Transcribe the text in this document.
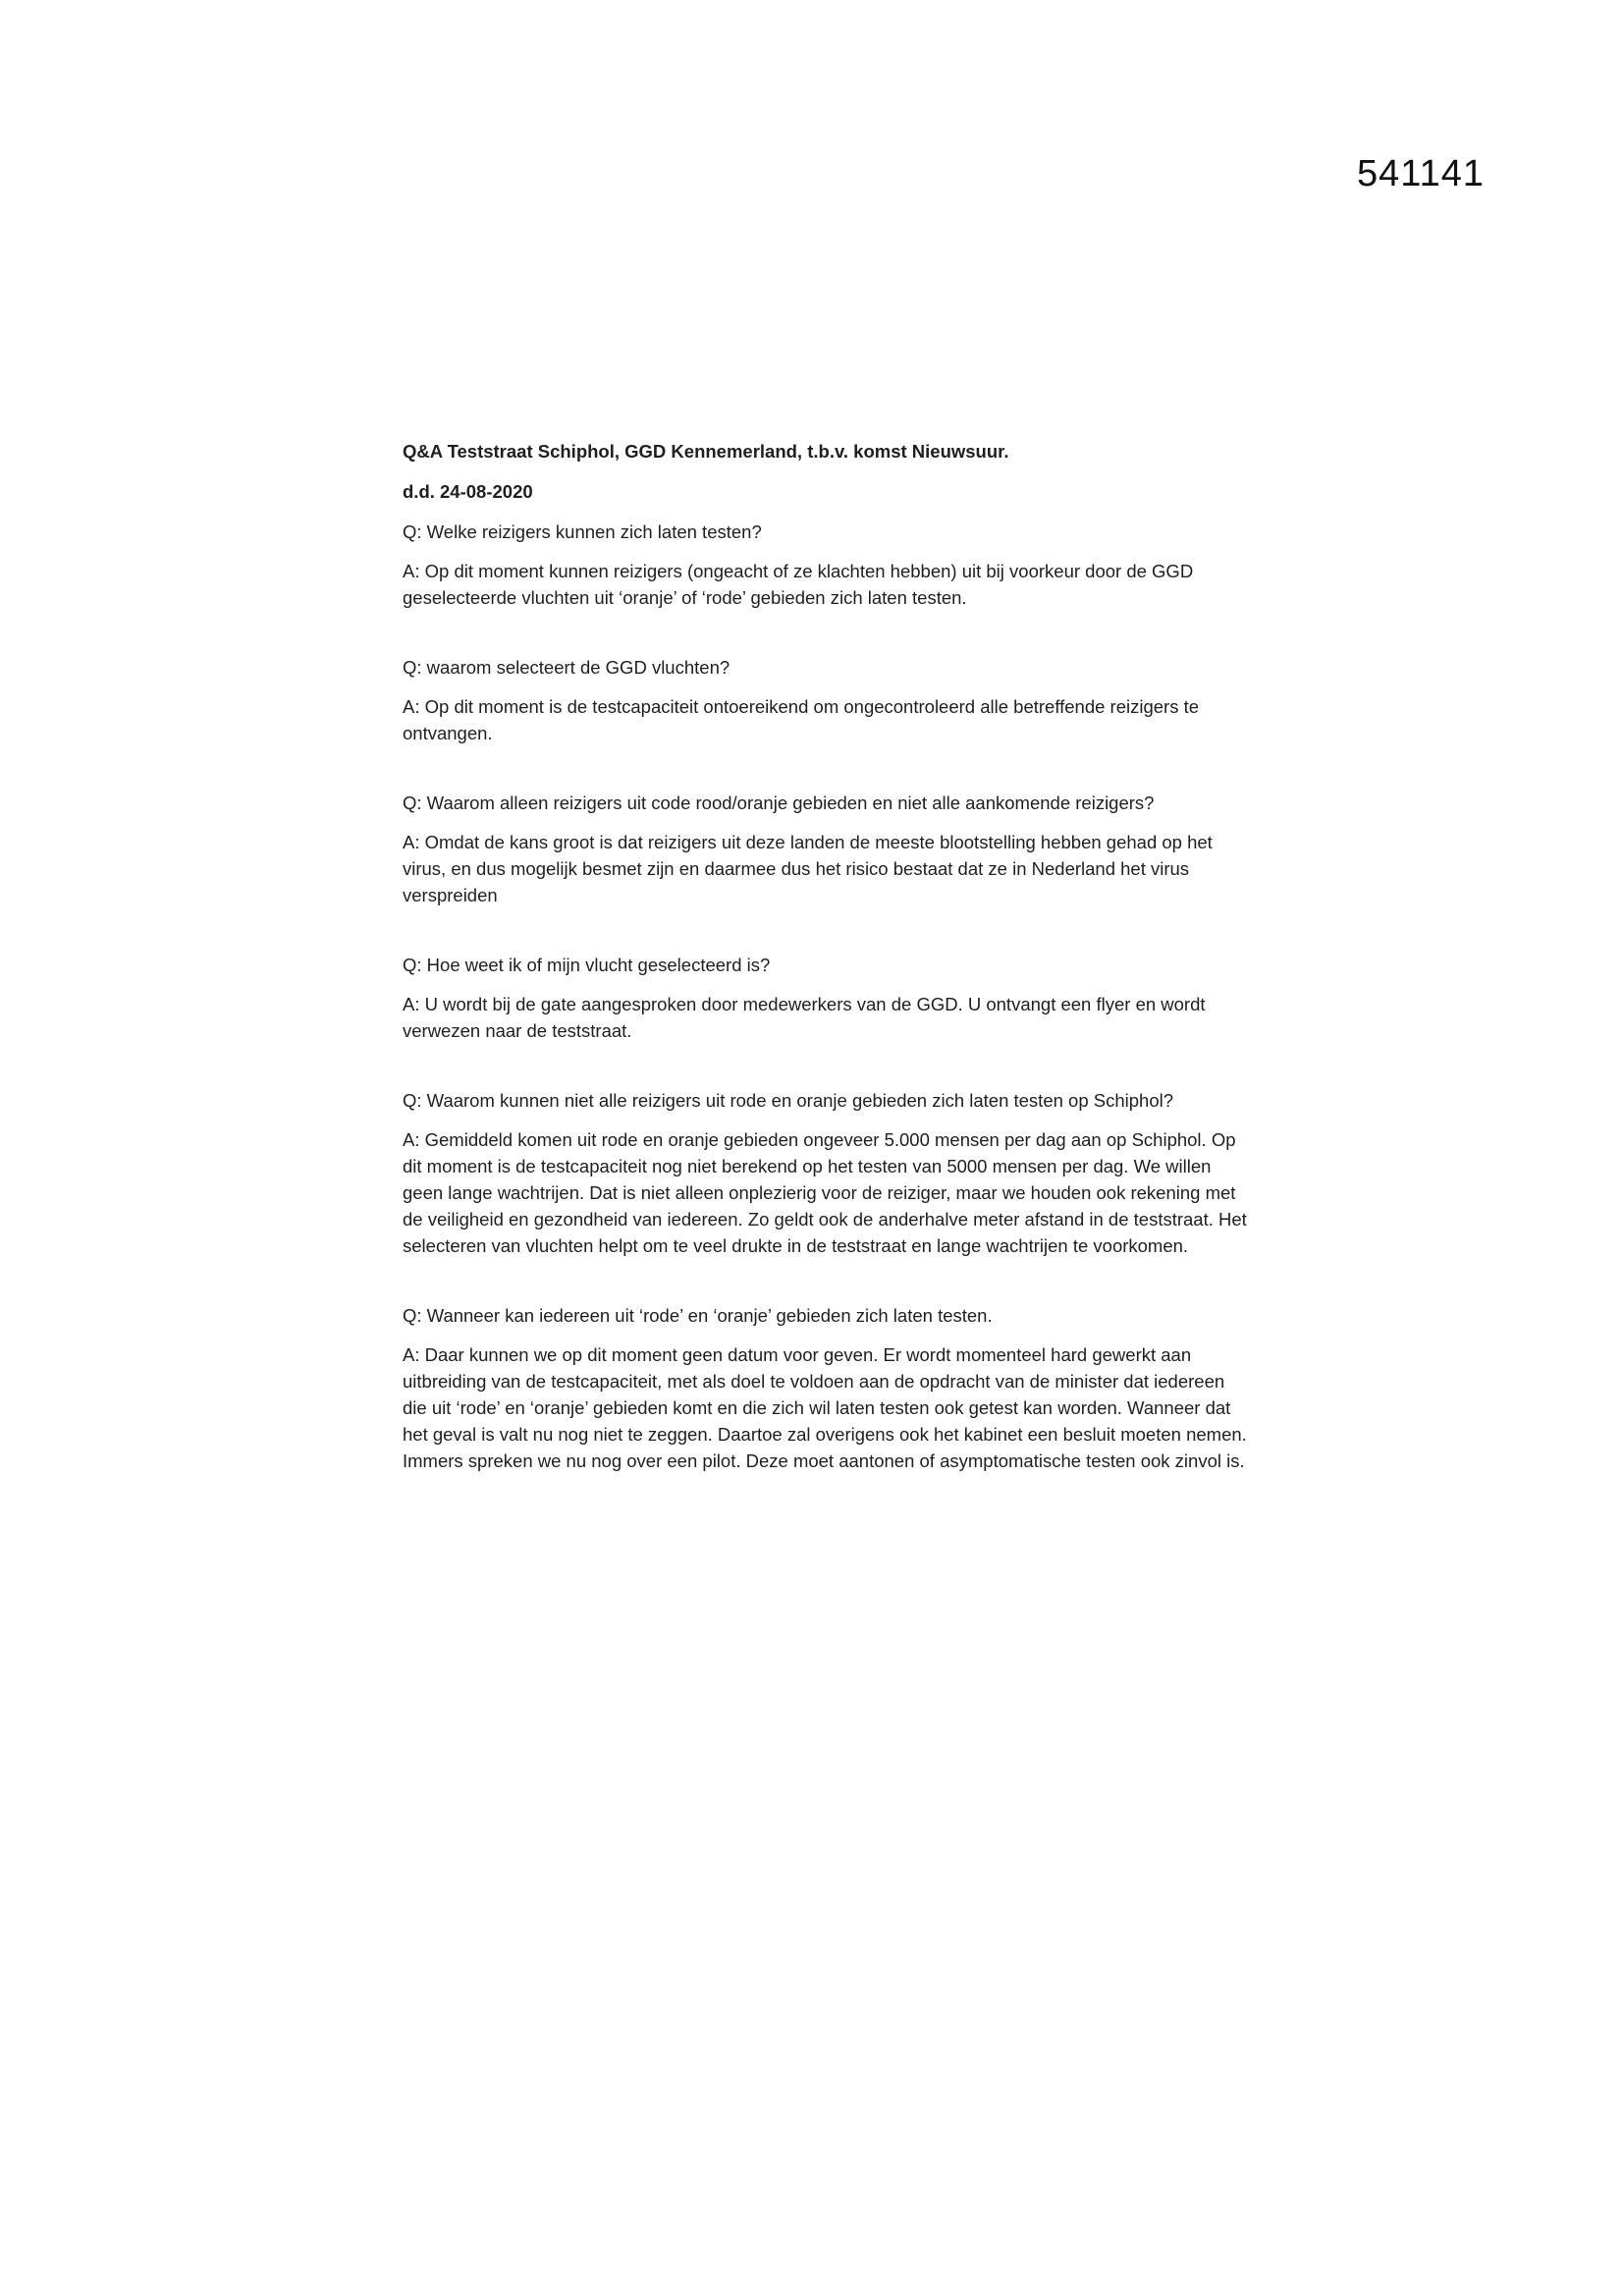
541141

Q&A Teststraat Schiphol, GGD Kennemerland, t.b.v. komst Nieuwsuur.

d.d. 24-08-2020

Q: Welke reizigers kunnen zich laten testen?

A: Op dit moment kunnen reizigers (ongeacht of ze klachten hebben) uit bij voorkeur door de GGD geselecteerde vluchten uit ‘oranje’ of ‘rode’ gebieden zich laten testen.

Q: waarom selecteert de GGD vluchten?

A: Op dit moment is de testcapaciteit ontoereikend om ongecontroleerd alle betreffende reizigers te ontvangen.

Q: Waarom alleen reizigers uit code rood/oranje gebieden en niet alle aankomende reizigers?

A: Omdat de kans groot is dat reizigers uit deze landen de meeste blootstelling hebben gehad op het virus, en dus mogelijk besmet zijn en daarmee dus het risico bestaat dat ze in Nederland het virus verspreiden

Q: Hoe weet ik of mijn vlucht geselecteerd is?

A: U wordt bij de gate aangesproken door medewerkers van de GGD. U ontvangt een flyer en wordt verwezen naar de teststraat.

Q: Waarom kunnen niet alle reizigers uit rode en oranje gebieden zich laten testen op Schiphol?

A: Gemiddeld komen uit rode en oranje gebieden ongeveer 5.000 mensen per dag aan op Schiphol. Op dit moment is de testcapaciteit nog niet berekend op het testen van 5000 mensen per dag. We willen geen lange wachtrijen. Dat is niet alleen onplezierig voor de reiziger, maar we houden ook rekening met de veiligheid en gezondheid van iedereen. Zo geldt ook de anderhalve meter afstand in de teststraat. Het selecteren van vluchten helpt om te veel drukte in de teststraat en lange wachtrijen te voorkomen.

Q: Wanneer kan iedereen uit ‘rode’ en ‘oranje’ gebieden zich laten testen.

A: Daar kunnen we op dit moment geen datum voor geven. Er wordt momenteel hard gewerkt aan uitbreiding van de testcapaciteit, met als doel te voldoen aan de opdracht van de minister dat iedereen die uit ‘rode’ en ‘oranje’ gebieden komt en die zich wil laten testen ook getest kan worden. Wanneer dat het geval is valt nu nog niet te zeggen. Daartoe zal overigens ook het kabinet een besluit moeten nemen. Immers spreken we nu nog over een pilot. Deze moet aantonen of asymptomatische testen ook zinvol is.
